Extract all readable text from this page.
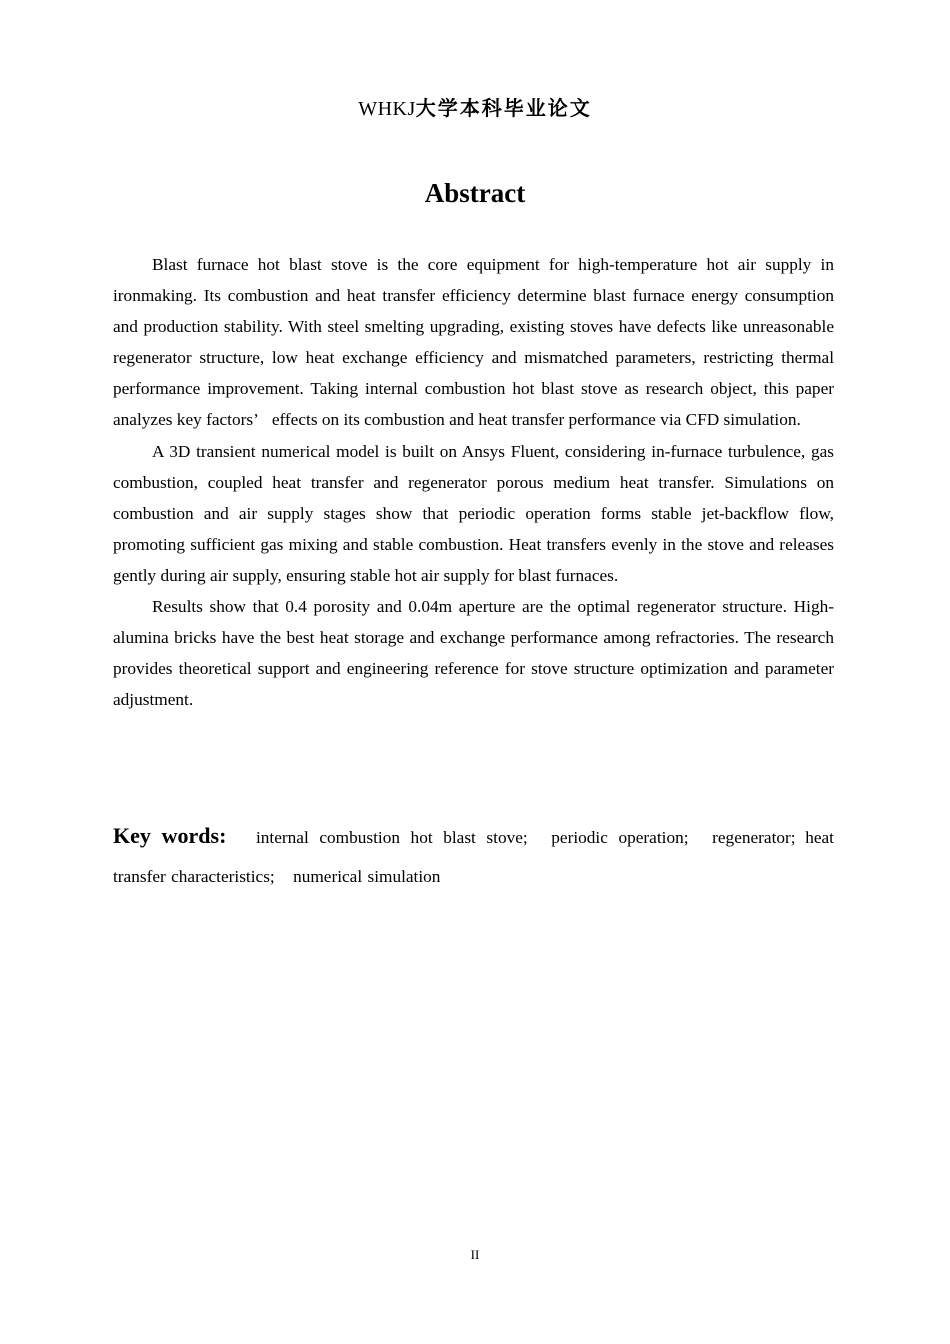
WHKJ大学本科毕业论文
Abstract

Blast furnace hot blast stove is the core equipment for high-temperature hot air supply in ironmaking. Its combustion and heat transfer efficiency determine blast furnace energy consumption and production stability. With steel smelting upgrading, existing stoves have defects like unreasonable regenerator structure, low heat exchange efficiency and mismatched parameters, restricting thermal performance improvement. Taking internal combustion hot blast stove as research object, this paper analyzes key factors’   effects on its combustion and heat transfer performance via CFD simulation.

A 3D transient numerical model is built on Ansys Fluent, considering in-furnace turbulence, gas combustion, coupled heat transfer and regenerator porous medium heat transfer. Simulations on combustion and air supply stages show that periodic operation forms stable jet-backflow flow, promoting sufficient gas mixing and stable combustion. Heat transfers evenly in the stove and releases gently during air supply, ensuring stable hot air supply for blast furnaces.

Results show that 0.4 porosity and 0.04m aperture are the optimal regenerator structure. High-alumina bricks have the best heat storage and exchange performance among refractories. The research provides theoretical support and engineering reference for stove structure optimization and parameter adjustment.

Key words: internal combustion hot blast stove; periodic operation; regenerator; heat transfer characteristics; numerical simulation
II
